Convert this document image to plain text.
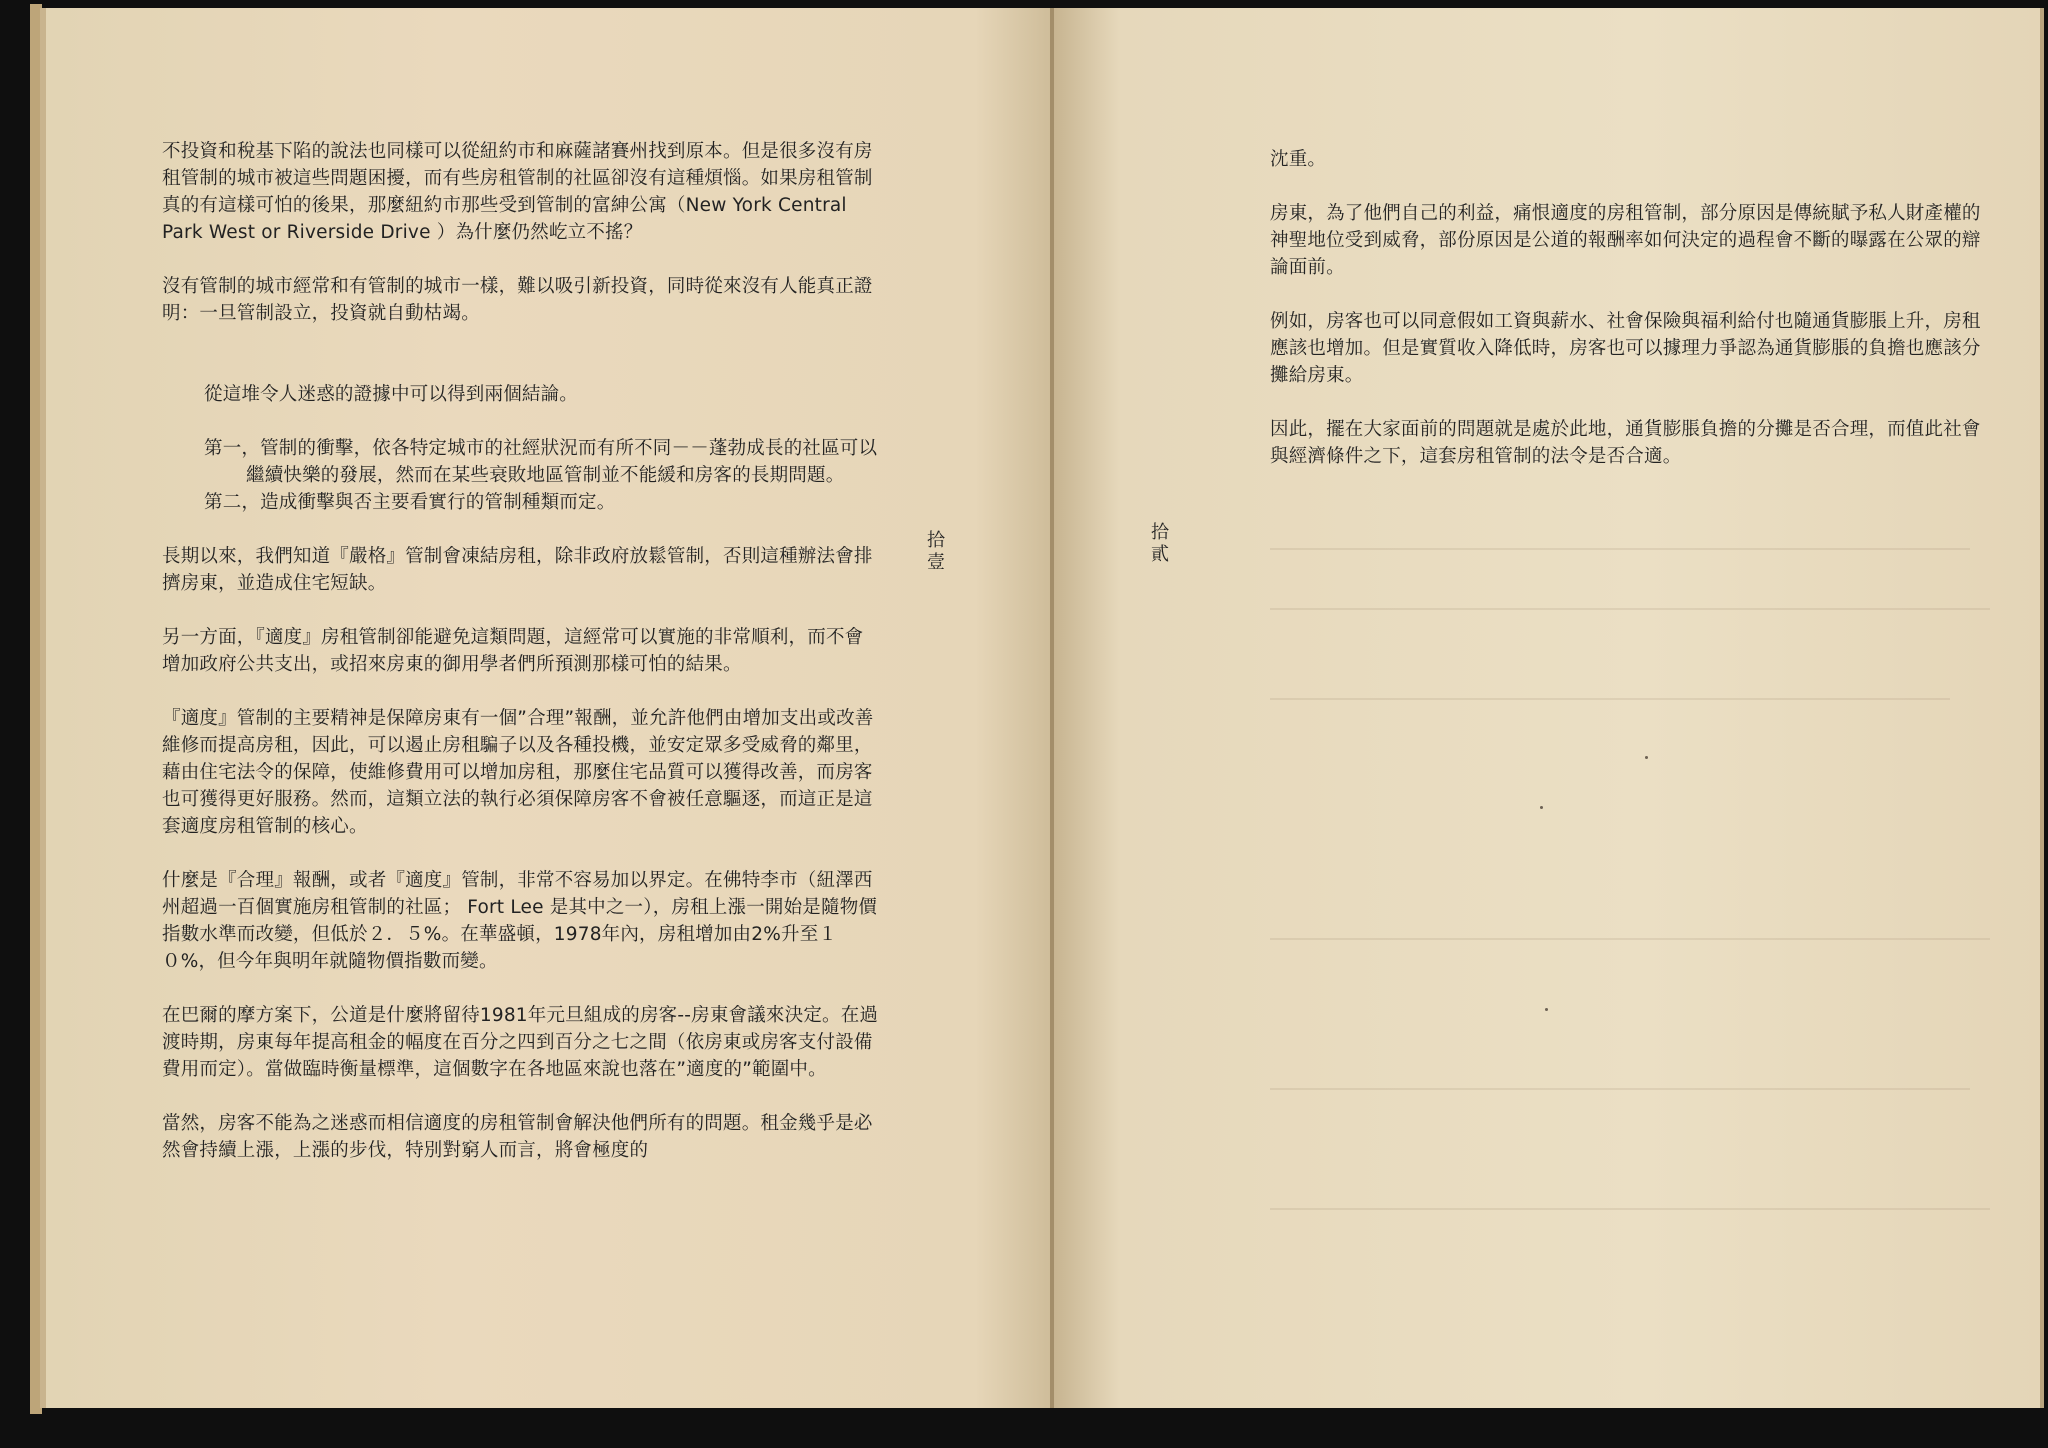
不投資和稅基下陷的說法也同樣可以從紐約市和麻薩諸賽州找到原本。但是很多沒有房租管制的城市被這些問題困擾，而有些房租管制的社區卻沒有這種煩惱。如果房租管制真的有這樣可怕的後果，那麼紐約市那些受到管制的富紳公寓（New York Central Park West or Riverside Drive ）為什麼仍然屹立不搖？

沒有管制的城市經常和有管制的城市一樣，難以吸引新投資，同時從來沒有人能真正證明：一旦管制設立，投資就自動枯竭。

從這堆令人迷惑的證據中可以得到兩個結論。

第一，管制的衝擊，依各特定城市的社經狀況而有所不同－－蓬勃成長的社區可以繼續快樂的發展，然而在某些衰敗地區管制並不能緩和房客的長期問題。

第二，造成衝擊與否主要看實行的管制種類而定。

長期以來，我們知道『嚴格』管制會凍結房租，除非政府放鬆管制，否則這種辦法會排擠房東，並造成住宅短缺。

另一方面，『適度』房租管制卻能避免這類問題，這經常可以實施的非常順利，而不會增加政府公共支出，或招來房東的御用學者們所預測那樣可怕的結果。

『適度』管制的主要精神是保障房東有一個”合理”報酬，並允許他們由增加支出或改善維修而提高房租，因此，可以遏止房租騙子以及各種投機，並安定眾多受威脅的鄰里，藉由住宅法令的保障，使維修費用可以增加房租，那麼住宅品質可以獲得改善，而房客也可獲得更好服務。然而，這類立法的執行必須保障房客不會被任意驅逐，而這正是這套適度房租管制的核心。

什麼是『合理』報酬，或者『適度』管制，非常不容易加以界定。在佛特李市（紐澤西州超過一百個實施房租管制的社區； Fort Lee 是其中之一），房租上漲一開始是隨物價指數水準而改變，但低於２．５%。在華盛頓，1978年內，房租增加由2%升至１０%，但今年與明年就隨物價指數而變。

在巴爾的摩方案下，公道是什麼將留待1981年元旦組成的房客--房東會議來決定。在過渡時期，房東每年提高租金的幅度在百分之四到百分之七之間（依房東或房客支付設備費用而定）。當做臨時衡量標準，這個數字在各地區來說也落在”適度的”範圍中。

當然，房客不能為之迷惑而相信適度的房租管制會解決他們所有的問題。租金幾乎是必然會持續上漲，上漲的步伐，特別對窮人而言，將會極度的

拾
壹

沈重。

房東，為了他們自己的利益，痛恨適度的房租管制，部分原因是傳統賦予私人財產權的神聖地位受到威脅，部份原因是公道的報酬率如何決定的過程會不斷的曝露在公眾的辯論面前。

例如，房客也可以同意假如工資與薪水、社會保險與福利給付也隨通貨膨脹上升，房租應該也增加。但是實質收入降低時，房客也可以據理力爭認為通貨膨脹的負擔也應該分攤給房東。

因此，擺在大家面前的問題就是處於此地，通貨膨脹負擔的分攤是否合理，而值此社會與經濟條件之下，這套房租管制的法令是否合適。

拾
貳
